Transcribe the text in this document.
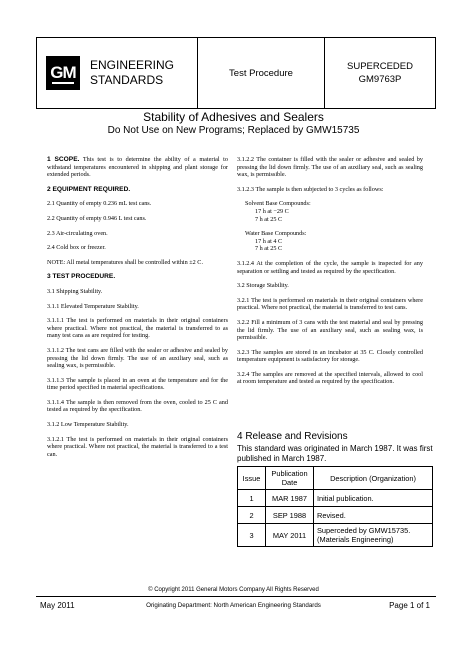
GM ENGINEERING
STANDARDS	Test Procedure
SUPERCEDED
GM9763P
Stability of Adhesives and Sealers
Do Not Use on New Programs; Replaced by GMW15735

1 SCOPE. This test is to determine the ability of a material to withstand temperatures encountered in shipping and plant storage for extended periods.

2 EQUIPMENT REQUIRED.

2.1 Quantity of empty 0.236 mL test cans.

2.2 Quantity of empty 0.946 L test cans.

2.3 Air-circulating oven.

2.4 Cold box or freezer.

NOTE: All metal temperatures shall be controlled within ±2 C.

3 TEST PROCEDURE.

3.1 Shipping Stability.

3.1.1 Elevated Temperature Stability.

3.1.1.1 The test is performed on materials in their original containers where practical. Where not practical, the material is transferred to as many test cans as are required for testing.

3.1.1.2 The test cans are filled with the sealer or adhesive and sealed by pressing the lid down firmly. The use of an auxiliary seal, such as sealing wax, is permissible.

3.1.1.3 The sample is placed in an oven at the temperature and for the time period specified in material specifications.

3.1.1.4 The sample is then removed from the oven, cooled to 25 C and tested as required by the specification.

3.1.2 Low Temperature Stability.

3.1.2.1 The test is performed on materials in their original containers where practical. Where not practical, the material is transferred to a test can.

3.1.2.2 The container is filled with the sealer or adhesive and sealed by pressing the lid down firmly. The use of an auxiliary seal, such as sealing wax, is permissible.

3.1.2.3 The sample is then subjected to 3 cycles as follows:

Solvent Base Compounds:

17 h at −29 C

7 h at 25 C

Water Base Compounds:

17 h at 4 C

7 h at 25 C

3.1.2.4 At the completion of the cycle, the sample is inspected for any separation or settling and tested as required by the specification.

3.2 Storage Stability.

3.2.1 The test is performed on materials in their original containers where practical. Where not practical, the material is transferred to test cans.

3.2.2 Fill a minimum of 3 cans with the test material and seal by pressing the lid firmly. The use of an auxiliary seal, such as sealing wax, is permissible.

3.2.3 The samples are stored in an incubator at 35 C. Closely controlled temperature equipment is satisfactory for storage.

3.2.4 The samples are removed at the specified intervals, allowed to cool at room temperature and tested as required by the specification.

4 Release and Revisions
This standard was originated in March 1987. It was first published in March 1987.
Issue	Publication Date	Description (Organization)
1	MAR 1987	Initial publication.
2	SEP 1988	Revised.
3	MAY 2011	Superceded by GMW15735. (Materials Engineering)
© Copyright 2011 General Motors Company All Rights Reserved
May 2011	Originating Department: North American Engineering Standards	Page 1 of 1
